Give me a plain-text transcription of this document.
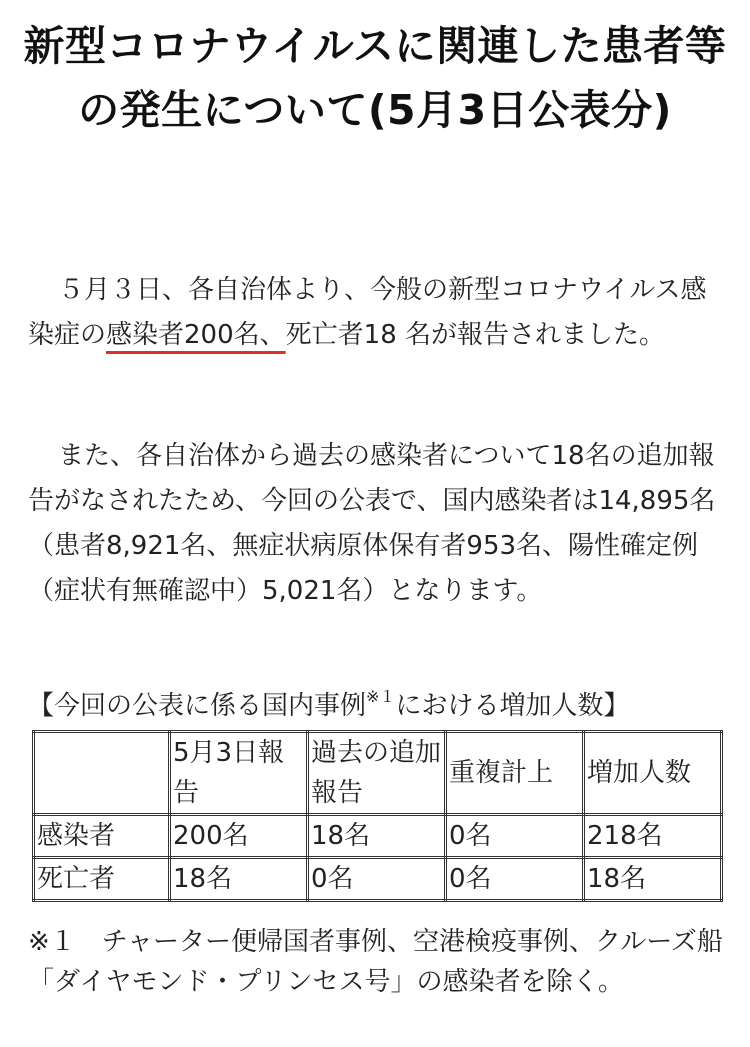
新型コロナウイルスに関連した患者等の発生について(5月3日公表分)

５月３日、各自治体より、今般の新型コロナウイルス感染症の感染者200名、死亡者18 名が報告されました。

また、各自治体から過去の感染者について18名の追加報告がなされたため、今回の公表で、国内感染者は14,895名（患者8,921名、無症状病原体保有者953名、陽性確定例（症状有無確認中）5,021名）となります。

【今回の公表に係る国内事例$^{※1}$における増加人数】

	5月3日報告	過去の追加報告	重複計上	増加人数
感染者	200名	18名	0名	218名
死亡者	18名	0名	0名	18名

※１　チャーター便帰国者事例、空港検疫事例、クルーズ船「ダイヤモンド・プリンセス号」の感染者を除く。
